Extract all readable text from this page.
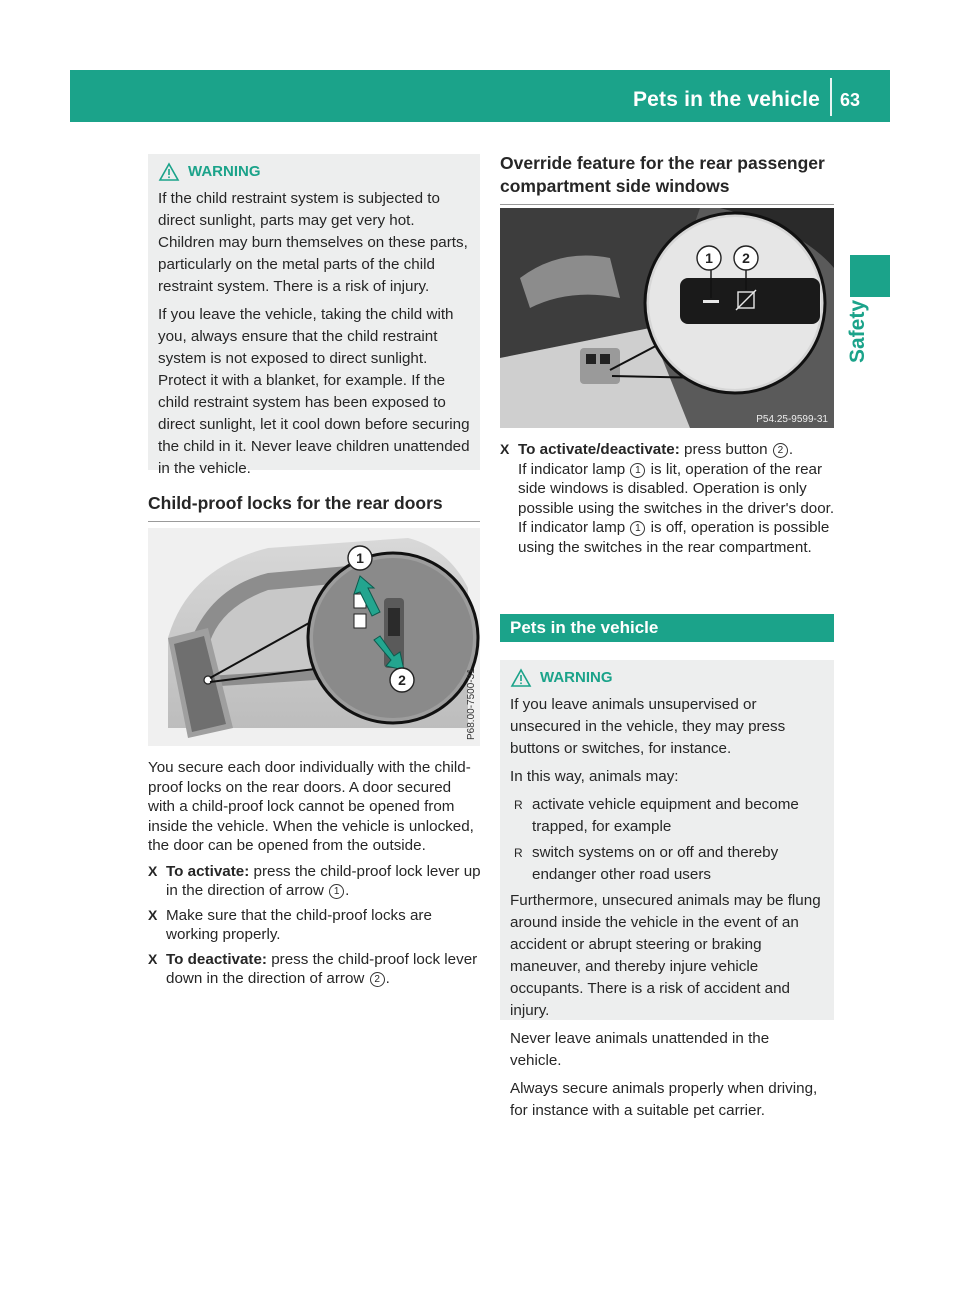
Pets in the vehicle 63
Safety
WARNING

If the child restraint system is subjected to direct sunlight, parts may get very hot. Children may burn themselves on these parts, particularly on the metal parts of the child restraint system. There is a risk of injury.

If you leave the vehicle, taking the child with you, always ensure that the child restraint system is not exposed to direct sunlight. Protect it with a blanket, for example. If the child restraint system has been exposed to direct sunlight, let it cool down before securing the child in it. Never leave children unattended in the vehicle.

Child-proof locks for the rear doors
1
2	P68.00-7500-31

You secure each door individually with the child-proof locks on the rear doors. A door secured with a child-proof lock cannot be opened from inside the vehicle. When the vehicle is unlocked, the door can be opened from the outside.

X To activate: press the child-proof lock lever up in the direction of arrow 1 .
X Make sure that the child-proof locks are working properly.
X To deactivate: press the child-proof lock lever down in the direction of arrow 2 .
Override feature for the rear passenger compartment side windows
1 2
P54.25-9599-31
X To activate/deactivate: press button 2 .
If indicator lamp 1 is lit, operation of the rear side windows is disabled. Operation is only possible using the switches in the driver's door. If indicator lamp 1 is off, operation is possible using the switches in the rear compartment.
Pets in the vehicle
WARNING

If you leave animals unsupervised or unsecured in the vehicle, they may press buttons or switches, for instance.

In this way, animals may:

R activate vehicle equipment and become trapped, for example
R switch systems on or off and thereby endanger other road users

Furthermore, unsecured animals may be flung around inside the vehicle in the event of an accident or abrupt steering or braking maneuver, and thereby injure vehicle occupants. There is a risk of accident and injury.

Never leave animals unattended in the vehicle.

Always secure animals properly when driving, for instance with a suitable pet carrier.
